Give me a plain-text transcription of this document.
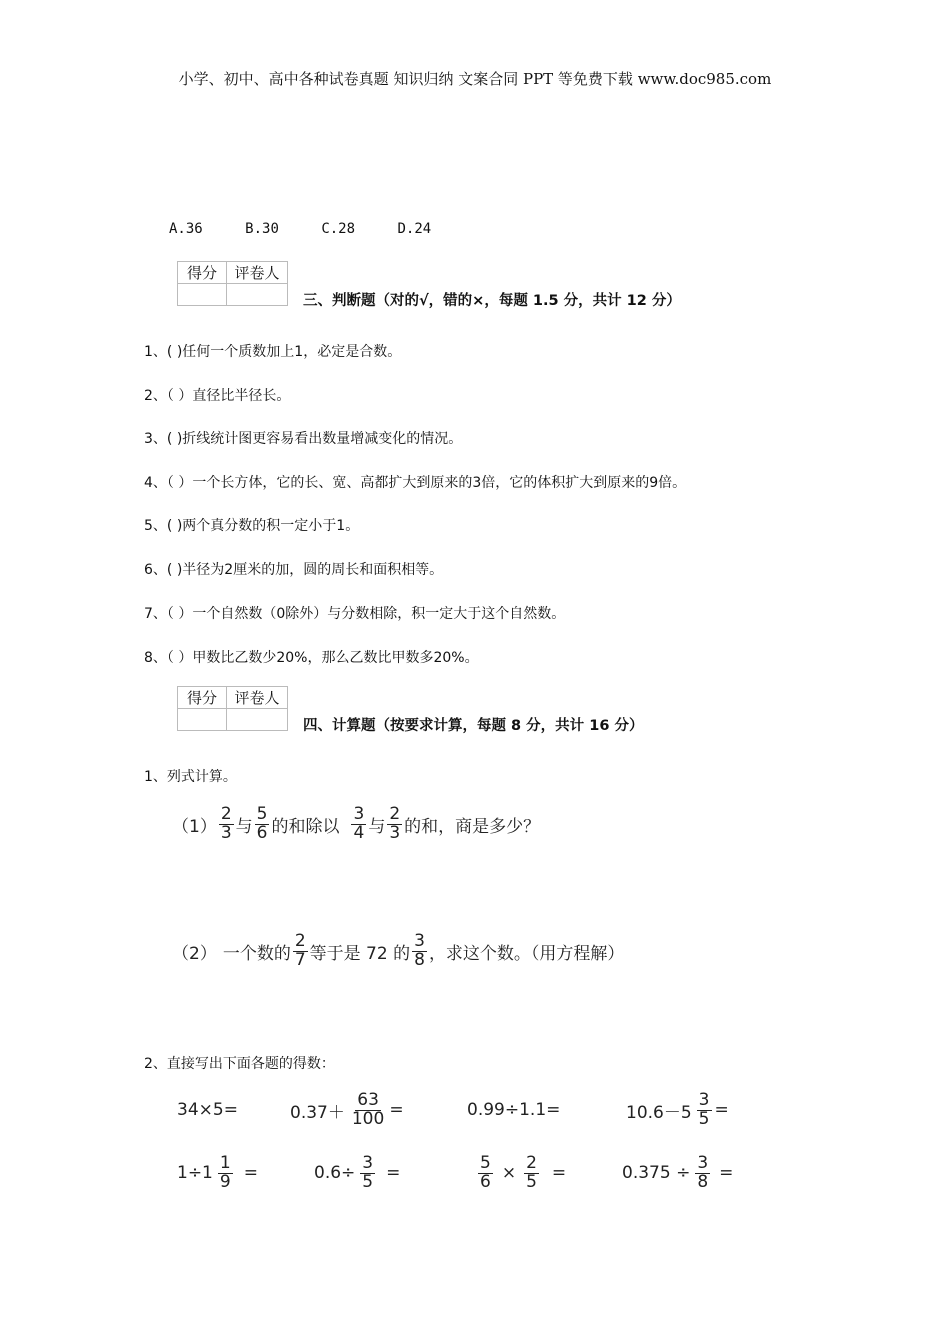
小学、初中、高中各种试卷真题 知识归纳 文案合同 PPT 等免费下载 www.doc985.com
A.36	B.30	C.28	D.24
得分	评卷人

三、判断题（对的√，错的×，每题 1.5 分，共计 12 分）
1、( )任何一个质数加上1，必定是合数。
2、（ ）直径比半径长。
3、( )折线统计图更容易看出数量增减变化的情况。
4、（ ）一个长方体，它的长、宽、高都扩大到原来的3倍，它的体积扩大到原来的9倍。
5、( )两个真分数的积一定小于1。
6、( )半径为2厘米的加，圆的周长和面积相等。
7、（ ）一个自然数（0除外）与分数相除，积一定大于这个自然数。
8、（ ）甲数比乙数少20%，那么乙数比甲数多20%。
得分	评卷人

四、计算题（按要求计算，每题 8 分，共计 16 分）
1、列式计算。
$(1) \frac{2}{3}$ 与 $\frac{5}{6}$ 的和除以 $\frac{3}{4}$ 与 $\frac{2}{3}$ 的和，商是多少？
（2） 一个数的 $\frac{2}{7}$ 等于是 72 的 $\frac{3}{8}$ ，求这个数。（用方程解）
2、直接写出下面各题的得数：
34×5=	$0.37+ \frac{63}{100}$ =	0.99÷1.1=	$10.6-5 \frac{3}{5}$ =
$1\div 1 \frac{1}{9}$ =	$0.6\div \frac{3}{5}$ =	$\frac{5}{6} \times \frac{2}{5}$ =	$0.375 \div \frac{3}{8}$ =
